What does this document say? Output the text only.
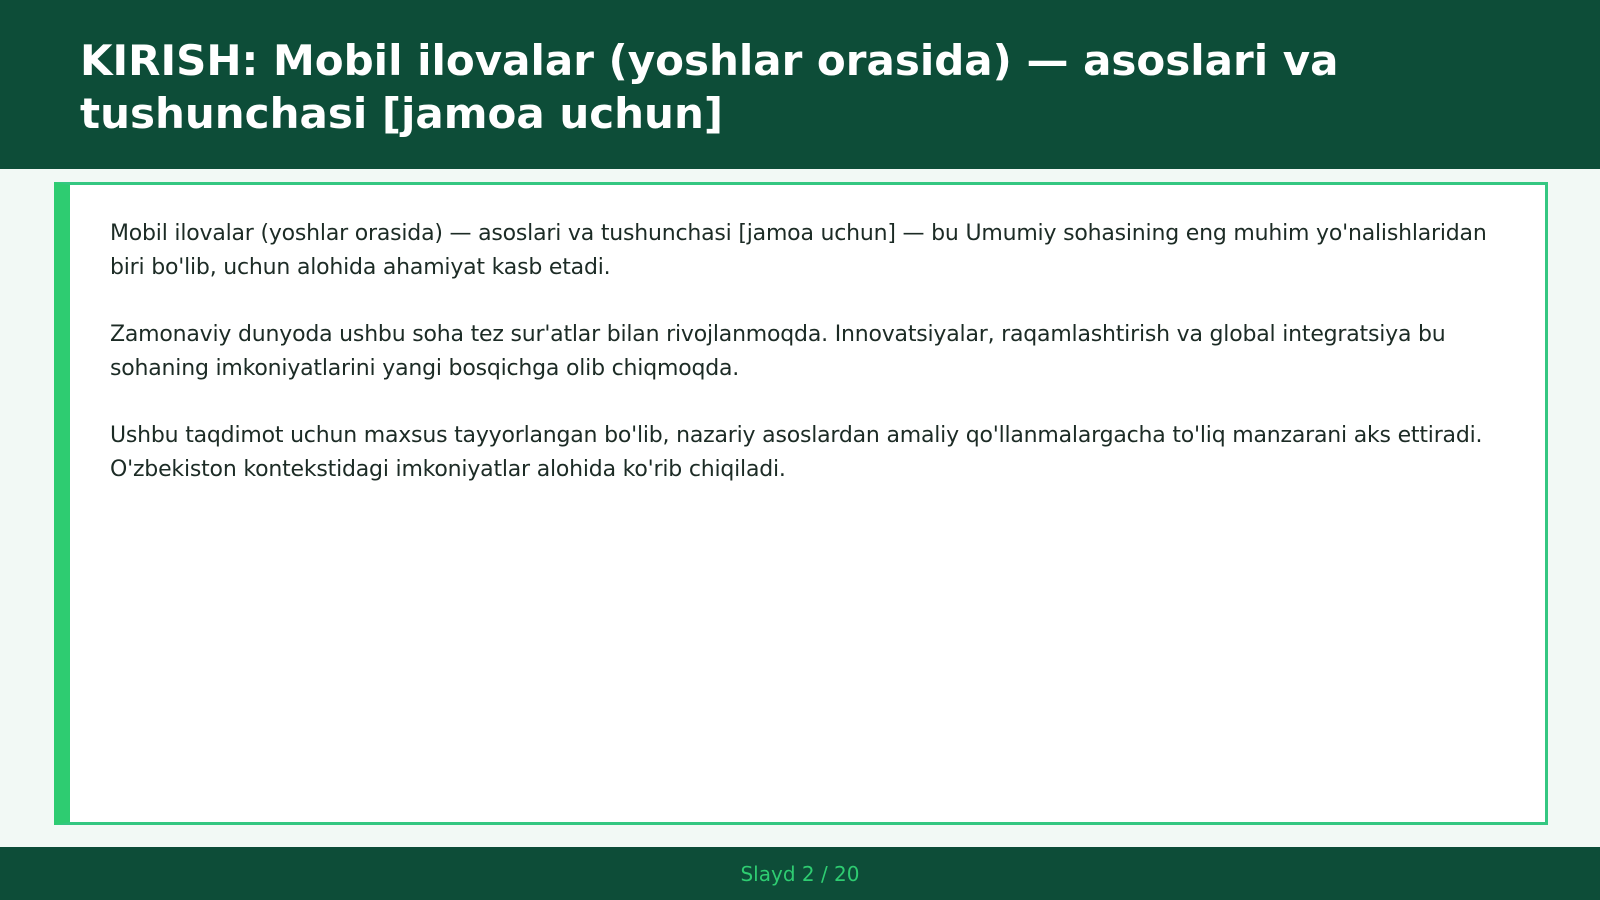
KIRISH: Mobil ilovalar (yoshlar orasida) — asoslari va tushunchasi [jamoa uchun]

Mobil ilovalar (yoshlar orasida) — asoslari va tushunchasi [jamoa uchun] — bu Umumiy sohasining eng muhim yo'nalishlaridan biri bo'lib, uchun alohida ahamiyat kasb etadi.

Zamonaviy dunyoda ushbu soha tez sur'atlar bilan rivojlanmoqda. Innovatsiyalar, raqamlashtirish va global integratsiya bu sohaning imkoniyatlarini yangi bosqichga olib chiqmoqda.

Ushbu taqdimot uchun maxsus tayyorlangan bo'lib, nazariy asoslardan amaliy qo'llanmalargacha to'liq manzarani aks ettiradi. O'zbekiston kontekstidagi imkoniyatlar alohida ko'rib chiqiladi.

Slayd 2 / 20
